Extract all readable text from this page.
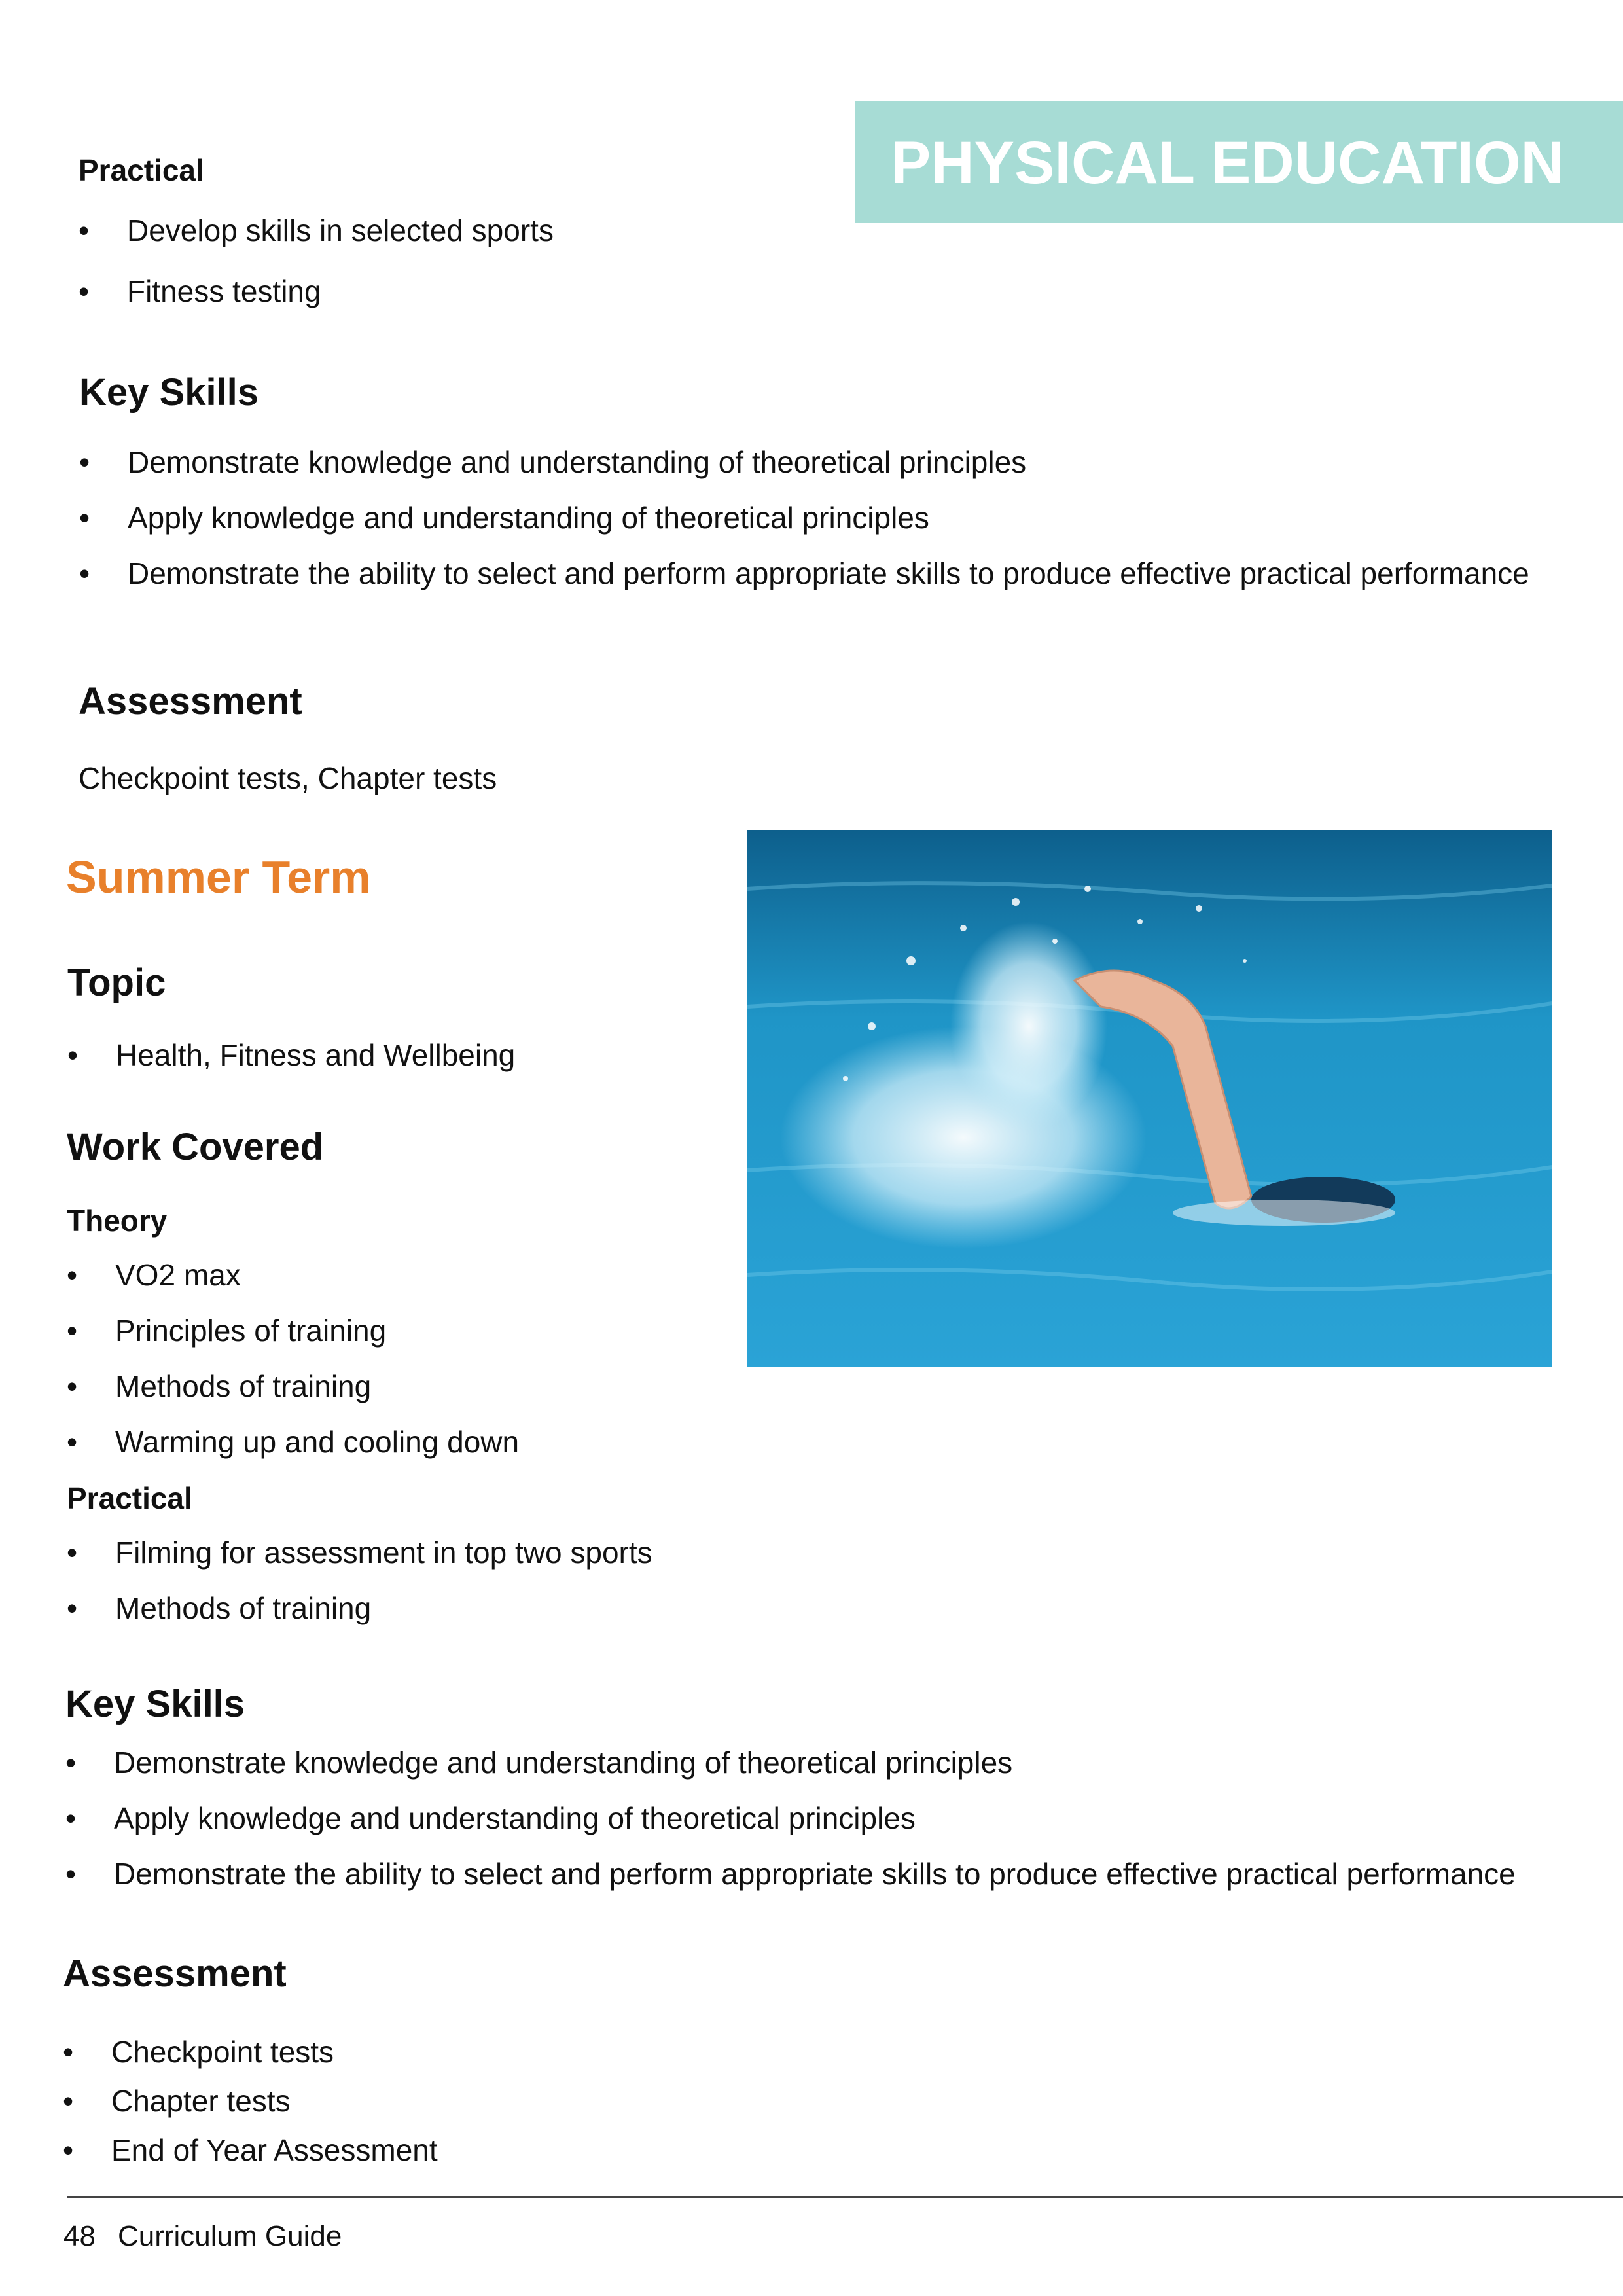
PHYSICAL EDUCATION
Practical
• Develop skills in selected sports
• Fitness testing
Key Skills
• Demonstrate knowledge and understanding of theoretical principles
• Apply knowledge and understanding of theoretical principles
• Demonstrate the ability to select and perform appropriate skills to produce effective practical performance
Assessment
Checkpoint tests, Chapter tests
Summer Term
Topic
• Health, Fitness and Wellbeing
Work Covered
Theory
• VO2 max
• Principles of training
• Methods of training
• Warming up and cooling down
Practical
• Filming for assessment in top two sports
• Methods of training
Key Skills
• Demonstrate knowledge and understanding of theoretical principles
• Apply knowledge and understanding of theoretical principles
• Demonstrate the ability to select and perform appropriate skills to produce effective practical performance
Assessment
• Checkpoint tests
• Chapter tests
• End of Year Assessment
48 Curriculum Guide
